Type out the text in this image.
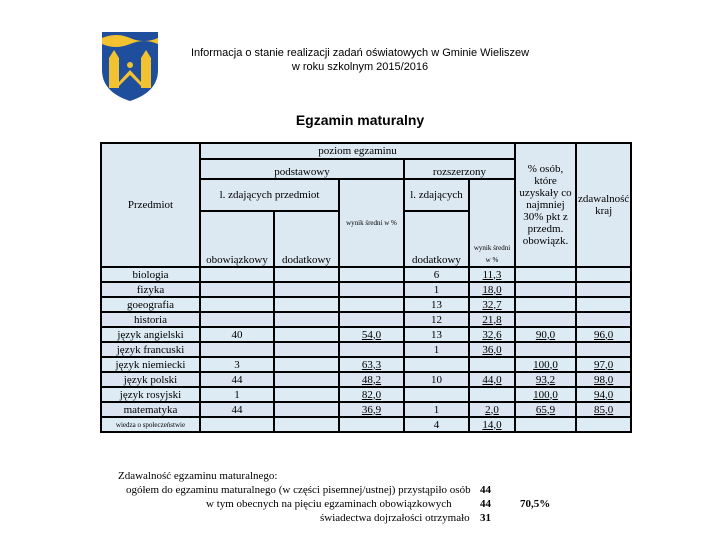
Informacja o stanie realizacji zadań oświatowych w Gminie Wieliszew
w roku szkolnym 2015/2016
Egzamin maturalny
Przedmiot	poziom egzaminu					% osób, które uzyskały co najmniej 30% pkt z przedm. obowiązk.	zdawalność kraj
	podstawowy			rozszerzony			
	l. zdających przedmiot		wynik średni w %	l. zdających	wynik średni w %		
	obowiązkowy	dodatkowy		dodatkowy			
biologia				6	11,3		
fizyka				1	18,0		
goeografia				13	32,7		
historia				12	21,8		
język angielski	40		54,0	13	32,6	90,0	96,0
język francuski				1	36,0		
język niemiecki	3		63,3			100,0	97,0
język polski	44		48,2	10	44,0	93,2	98,0
język rosyjski	1		82,0			100,0	94,0
matematyka	44		36,9	1	2,0	65,9	85,0
wiedza o społeczeństwie				4	14,0		
Zdawalność egzaminu maturalnego:
ogółem do egzaminu maturalnego (w części pisemnej/ustnej) przystąpiło osób 44
w tym obecnych na pięciu egzaminach obowiązkowych	44	70,5%
świadectwa dojrzałości otrzymało 31
